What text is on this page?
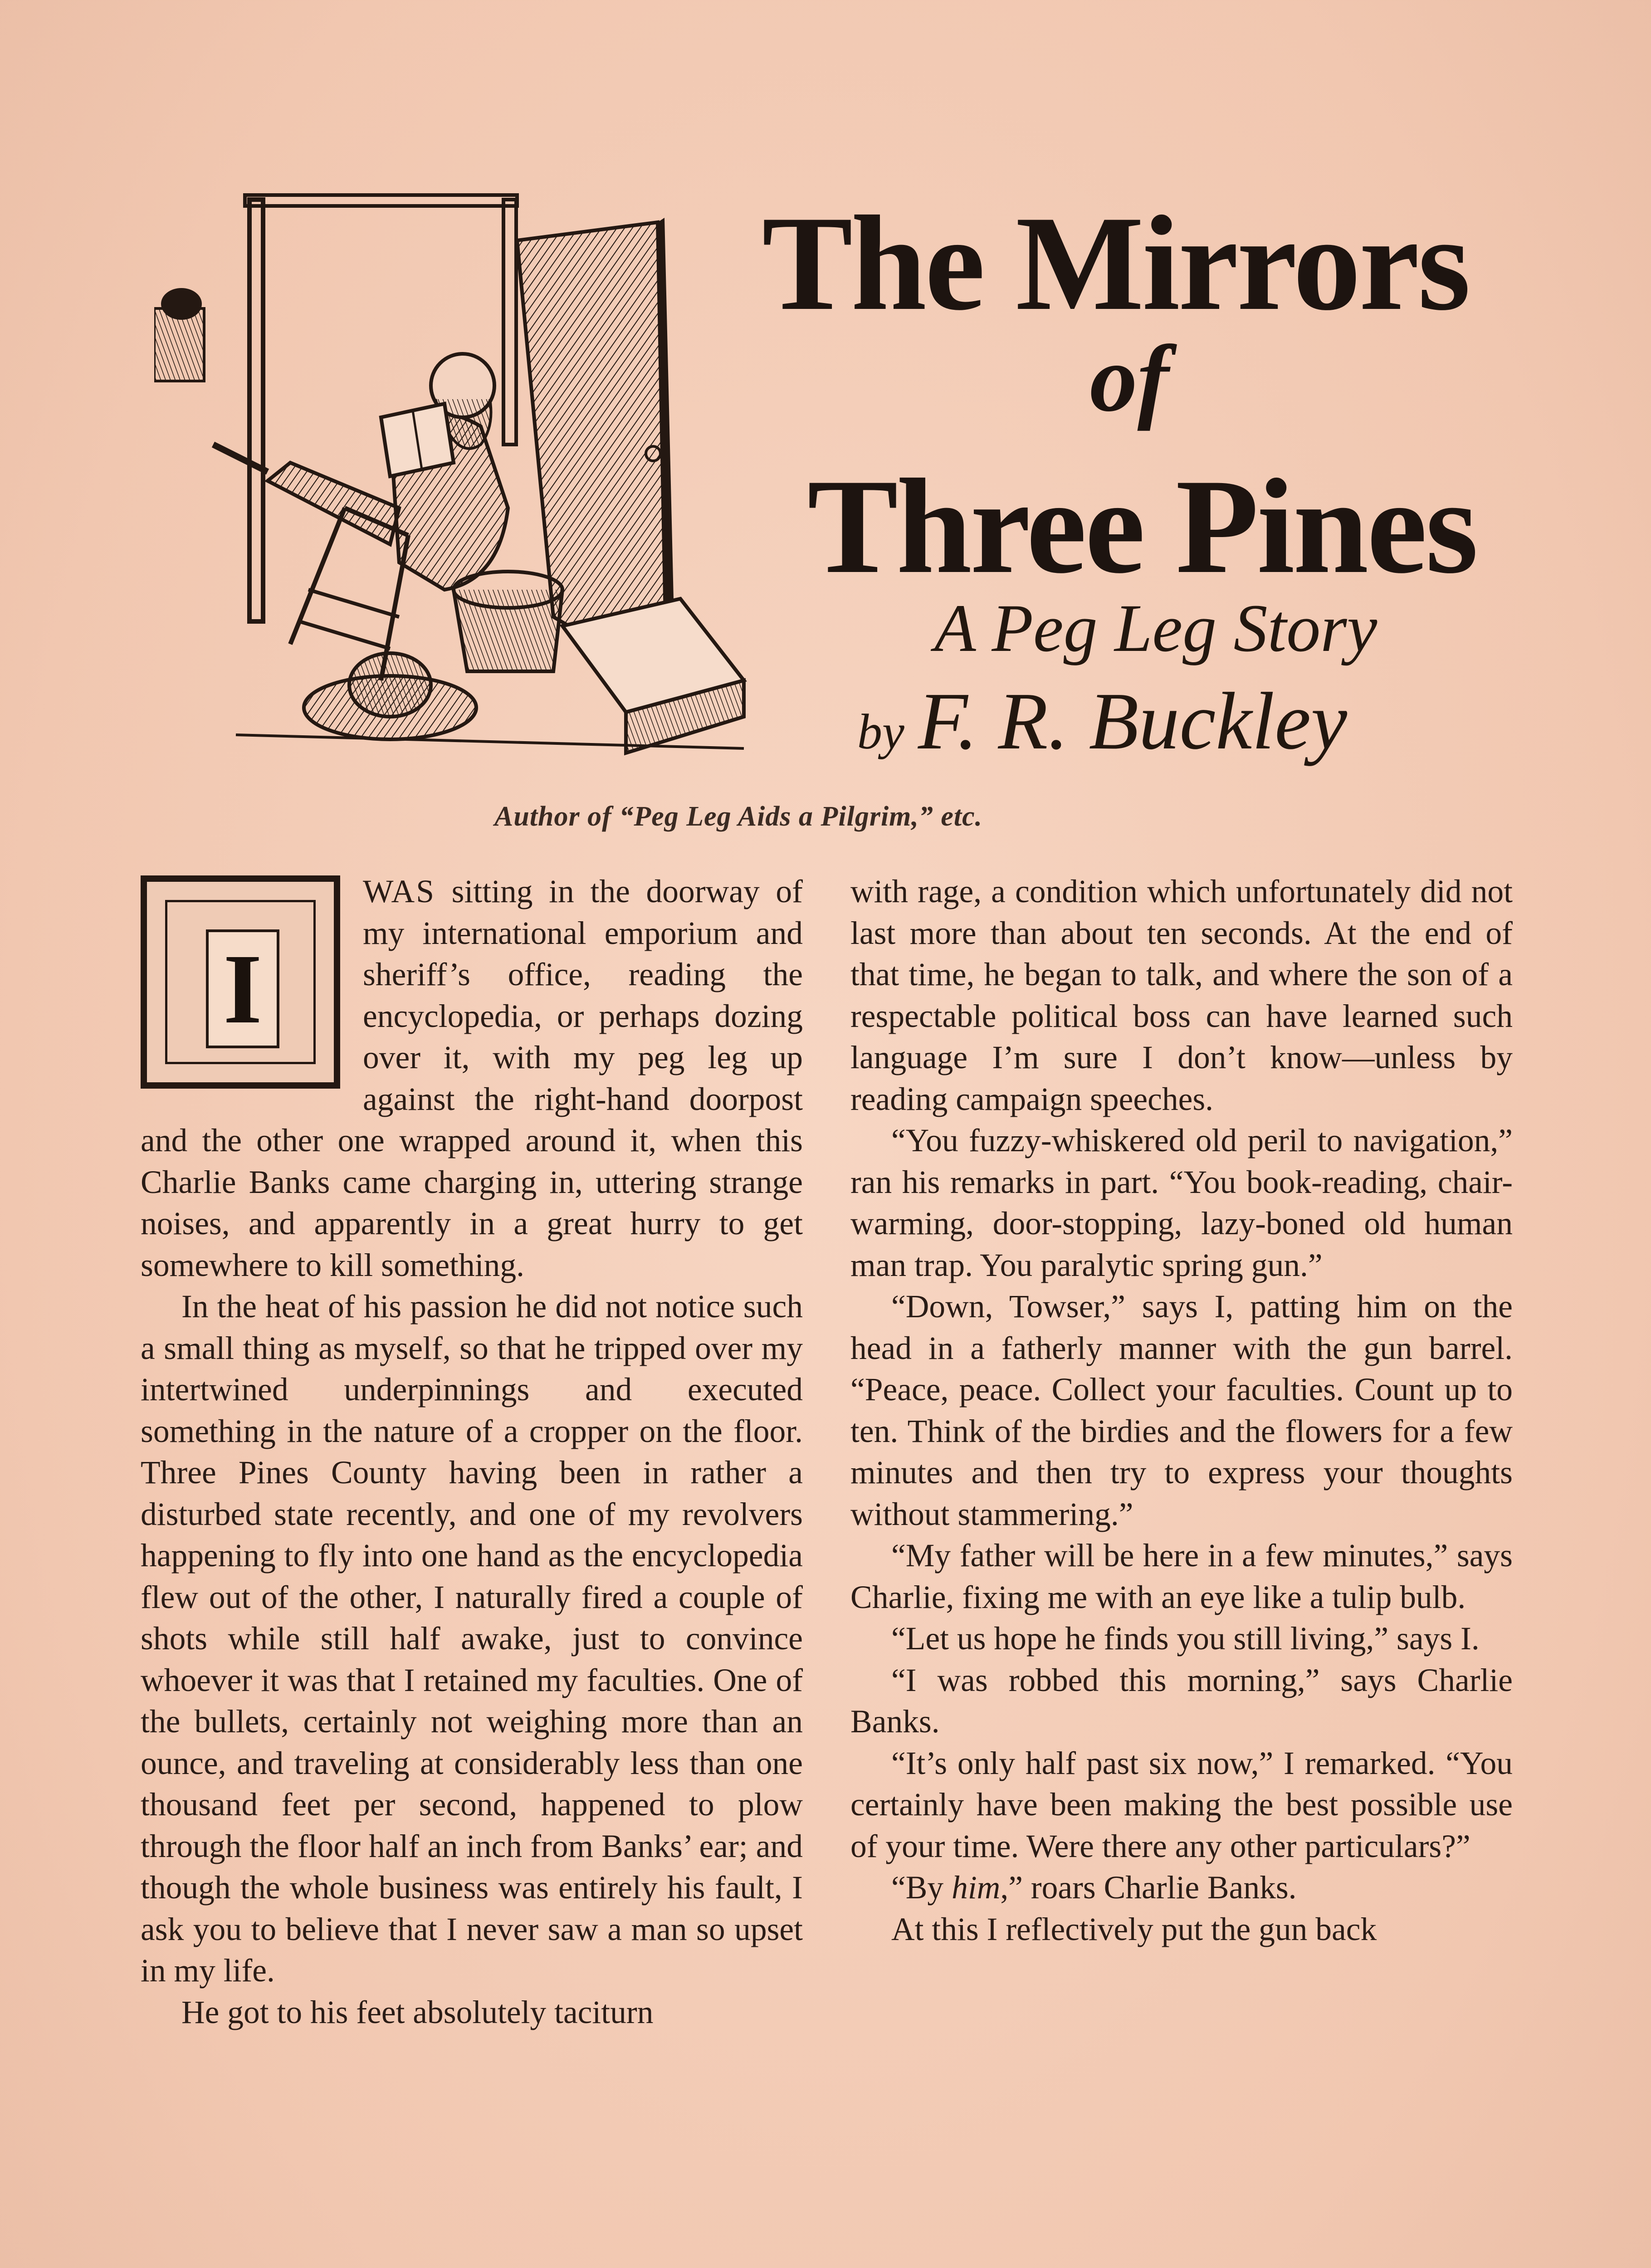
The Mirrors
of
Three Pines
A Peg Leg Story
by F. R. Buckley
Author of “Peg Leg Aids a Pilgrim,” etc.
I

WAS sitting in the doorway of my international emporium and sheriff’s office, reading the encyclopedia, or perhaps dozing over it, with my peg leg up against the right-hand doorpost and the other one wrapped around it, when this Charlie Banks came charging in, uttering strange noises, and apparently in a great hurry to get somewhere to kill something.

In the heat of his passion he did not notice such a small thing as myself, so that he tripped over my intertwined underpinnings and executed something in the nature of a cropper on the floor. Three Pines County having been in rather a disturbed state recently, and one of my revolvers happening to fly into one hand as the encyclopedia flew out of the other, I naturally fired a couple of shots while still half awake, just to convince whoever it was that I retained my faculties. One of the bullets, certainly not weighing more than an ounce, and traveling at considerably less than one thousand feet per second, happened to plow through the floor half an inch from Banks’ ear; and though the whole business was entirely his fault, I ask you to believe that I never saw a man so upset in my life.

He got to his feet absolutely taciturn

with rage, a condition which unfortunately did not last more than about ten seconds. At the end of that time, he began to talk, and where the son of a respectable political boss can have learned such language I’m sure I don’t know—unless by reading campaign speeches.

“You fuzzy-whiskered old peril to navigation,” ran his remarks in part. “You book-reading, chair-warming, door-stopping, lazy-boned old human man trap. You paralytic spring gun.”

“Down, Towser,” says I, patting him on the head in a fatherly manner with the gun barrel. “Peace, peace. Collect your faculties. Count up to ten. Think of the birdies and the flowers for a few minutes and then try to express your thoughts without stammering.”

“My father will be here in a few minutes,” says Charlie, fixing me with an eye like a tulip bulb.

“Let us hope he finds you still living,” says I.

“I was robbed this morning,” says Charlie Banks.

“It’s only half past six now,” I remarked. “You certainly have been making the best possible use of your time. Were there any other particulars?”

“By him,” roars Charlie Banks.

At this I reflectively put the gun back
